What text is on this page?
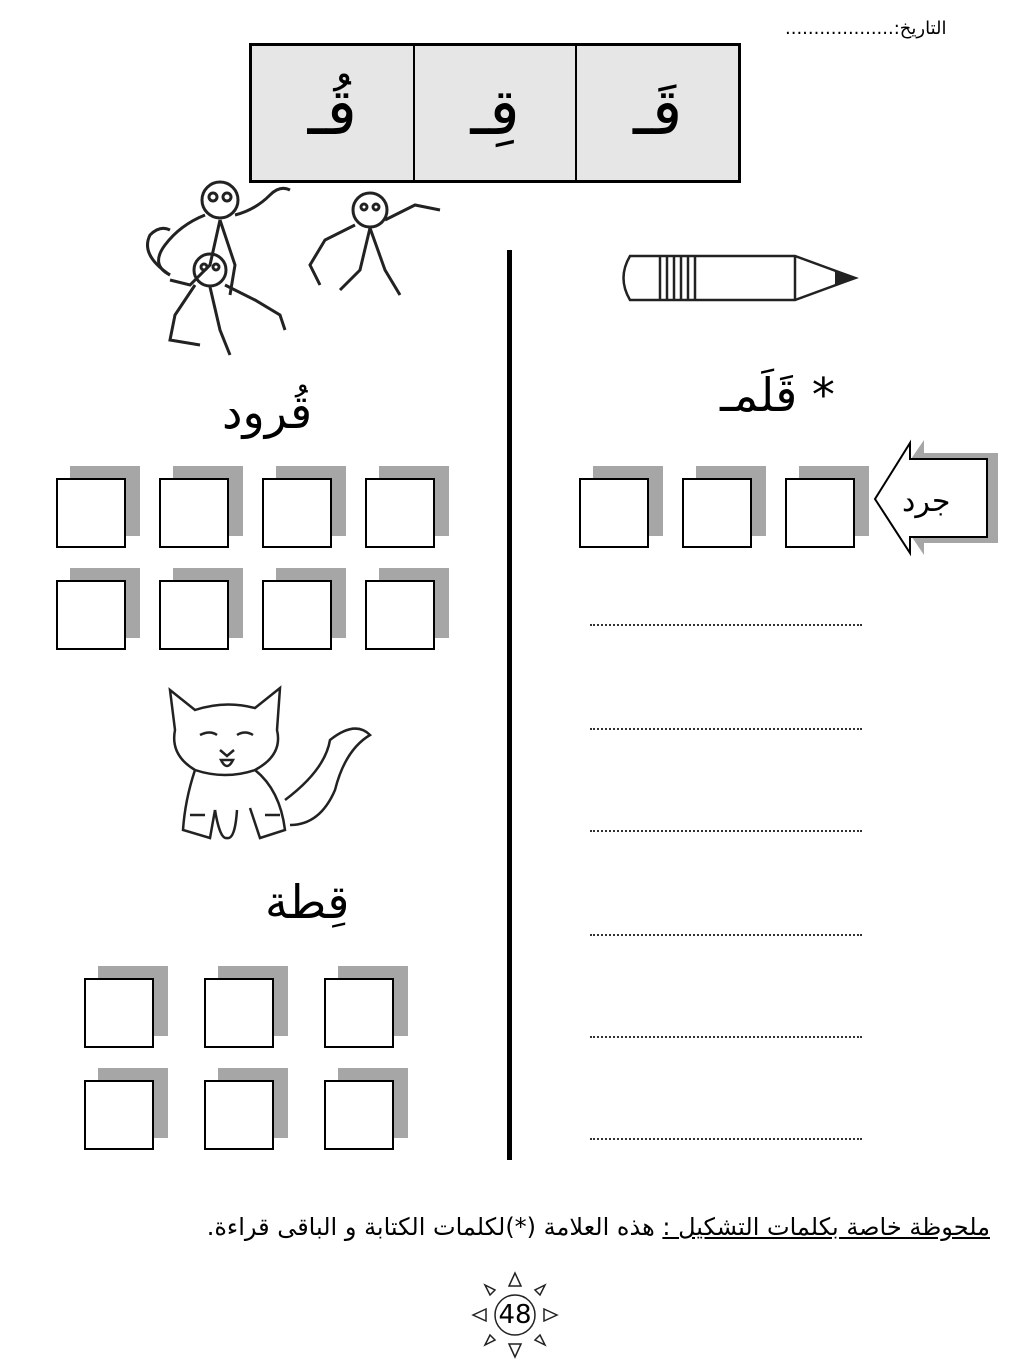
التاريخ:...................
قُـ	قِـ	قَـ
* قَلَمـ
جرد
قُرود
قِطة
ملحوظة خاصة بكلمات التشكيل : هذه العلامة (*)لكلمات الكتابة و الباقى قراءة.
48
